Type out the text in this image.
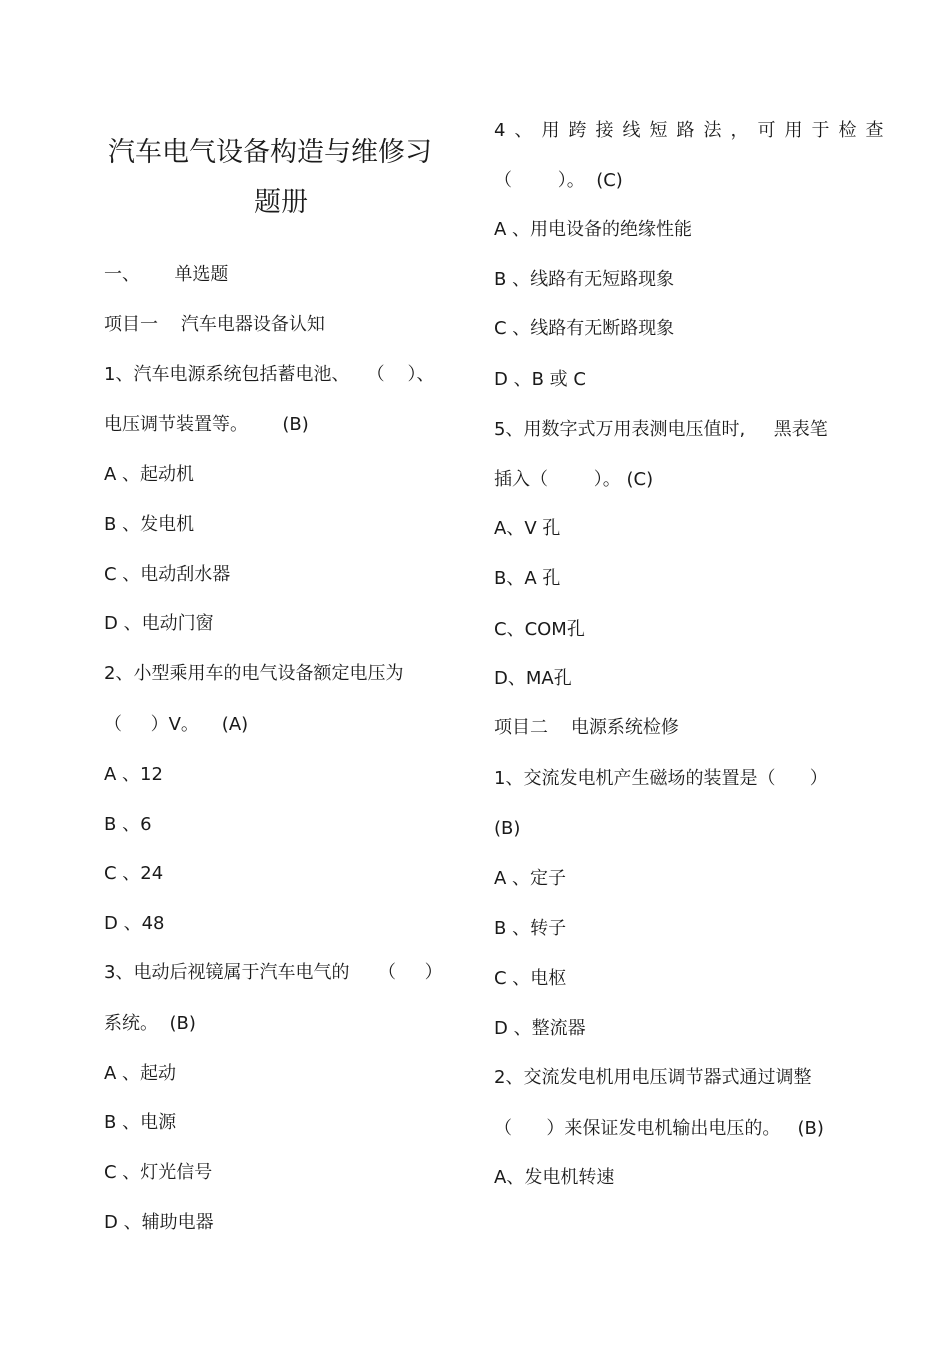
汽车电气设备构造与维修习
题册
一、      单选题
项目一    汽车电器设备认知
1、汽车电源系统包括蓄电池、   （    ）、
电压调节装置等。      (B)
A 、起动机
B 、发电机
C 、电动刮水器
D 、电动门窗
2、小型乘用车的电气设备额定电压为
（     ）V。    (A)
A 、12
B 、6
C 、24
D 、48
3、电动后视镜属于汽车电气的     （     ）
系统。  (B)
A 、起动
B 、电源
C 、灯光信号
D 、辅助电器
4、用跨接线短路法，可用于检查
（        ）。  (C)
A 、用电设备的绝缘性能
B 、线路有无短路现象
C 、线路有无断路现象
D 、B 或 C
5、用数字式万用表测电压值时,     黑表笔
插入（        ）。 (C)
A、V 孔
B、A 孔
C、COM孔
D、MA孔
项目二    电源系统检修
1、交流发电机产生磁场的装置是（      ）
(B)
A 、定子
B 、转子
C 、电枢
D 、整流器
2、交流发电机用电压调节器式通过调整
（      ）来保证发电机输出电压的。   (B)
A、发电机转速
